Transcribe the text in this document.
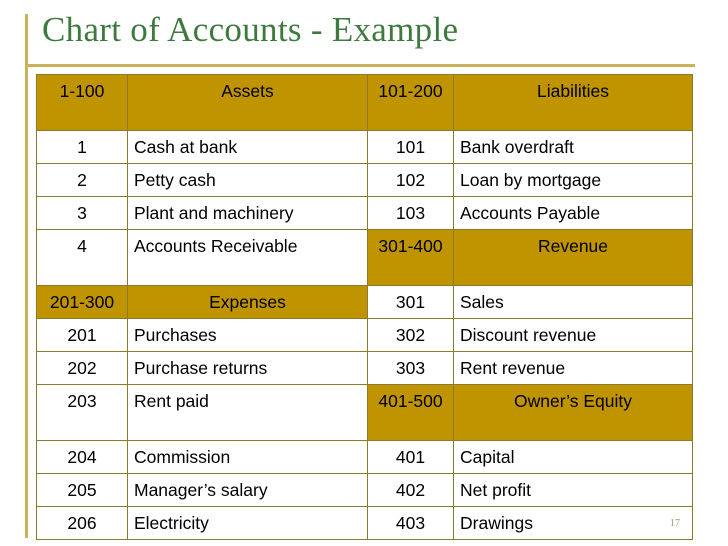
Chart of Accounts - Example
1-100	Assets	101-200	Liabilities
1	Cash at bank	101	Bank overdraft
2	Petty cash	102	Loan by mortgage
3	Plant and machinery	103	Accounts Payable
4	Accounts Receivable	301-400	Revenue
201-300	Expenses	301	Sales
201	Purchases	302	Discount revenue
202	Purchase returns	303	Rent revenue
203	Rent paid	401-500	Owner’s Equity
204	Commission	401	Capital
205	Manager’s salary	402	Net profit
206	Electricity	403	Drawings	17
